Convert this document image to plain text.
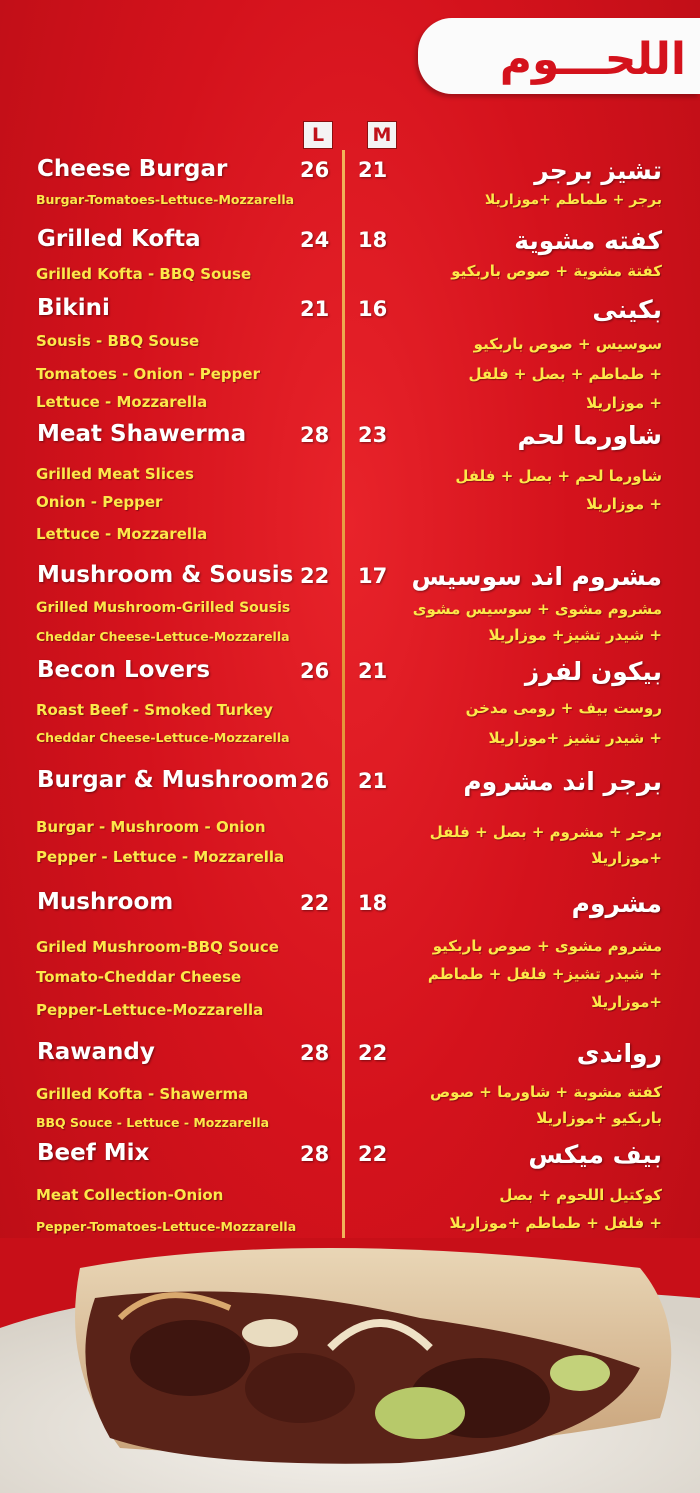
اللحـــوم
L	M
Cheese Burgar	26	21	تشيز برجر
Burgar-Tomatoes-Lettuce-Mozzarella	برجر + طماطم +موزاريلا
Grilled Kofta	24	18	كفته مشوية
Grilled Kofta - BBQ Souse	كفتة مشوية + صوص باربكيو
Bikini	21	16	بكينى
Sousis - BBQ Souse
Tomatoes - Onion - Pepper
Lettuce - Mozzarella
سوسيس + صوص باربكيو
+ طماطم + بصل + فلفل
+ موزاريلا
Meat Shawerma	28	23	شاورما لحم
Grilled Meat Slices
Onion - Pepper
Lettuce - Mozzarella
شاورما لحم + بصل + فلفل
+ موزاريلا
Mushroom & Sousis 22	17 مشروم اند سوسيس
Grilled Mushroom-Grilled Sousis
Cheddar Cheese-Lettuce-Mozzarella
مشروم مشوى + سوسيس مشوى
+ شيدر تشيز+ موزاريلا
Becon Lovers	26	21	بيكون لفرز
Roast Beef - Smoked Turkey
Cheddar Cheese-Lettuce-Mozzarella
روست بيف + رومى مدخن
+ شيدر تشيز +موزاريلا
Burgar & Mushroom 26	21	برجر اند مشروم
Burgar - Mushroom - Onion
Pepper - Lettuce - Mozzarella
برجر + مشروم + بصل + فلفل
+موزاريلا
Mushroom	22	18	مشروم
Griled Mushroom-BBQ Souce
Tomato-Cheddar Cheese
Pepper-Lettuce-Mozzarella
مشروم مشوى + صوص باربكيو
+ شيدر تشيز+ فلفل + طماطم
+موزاريلا
Rawandy	28	22	رواندى
Grilled Kofta - Shawerma
BBQ Souce - Lettuce - Mozzarella
كفتة مشوبة + شاورما + صوص
باربكيو +موزاريلا
Beef Mix	28	22	بيف ميكس
Meat Collection-Onion
Pepper-Tomatoes-Lettuce-Mozzarella
كوكتيل اللحوم + بصل
+ فلفل + طماطم +موزاريلا
